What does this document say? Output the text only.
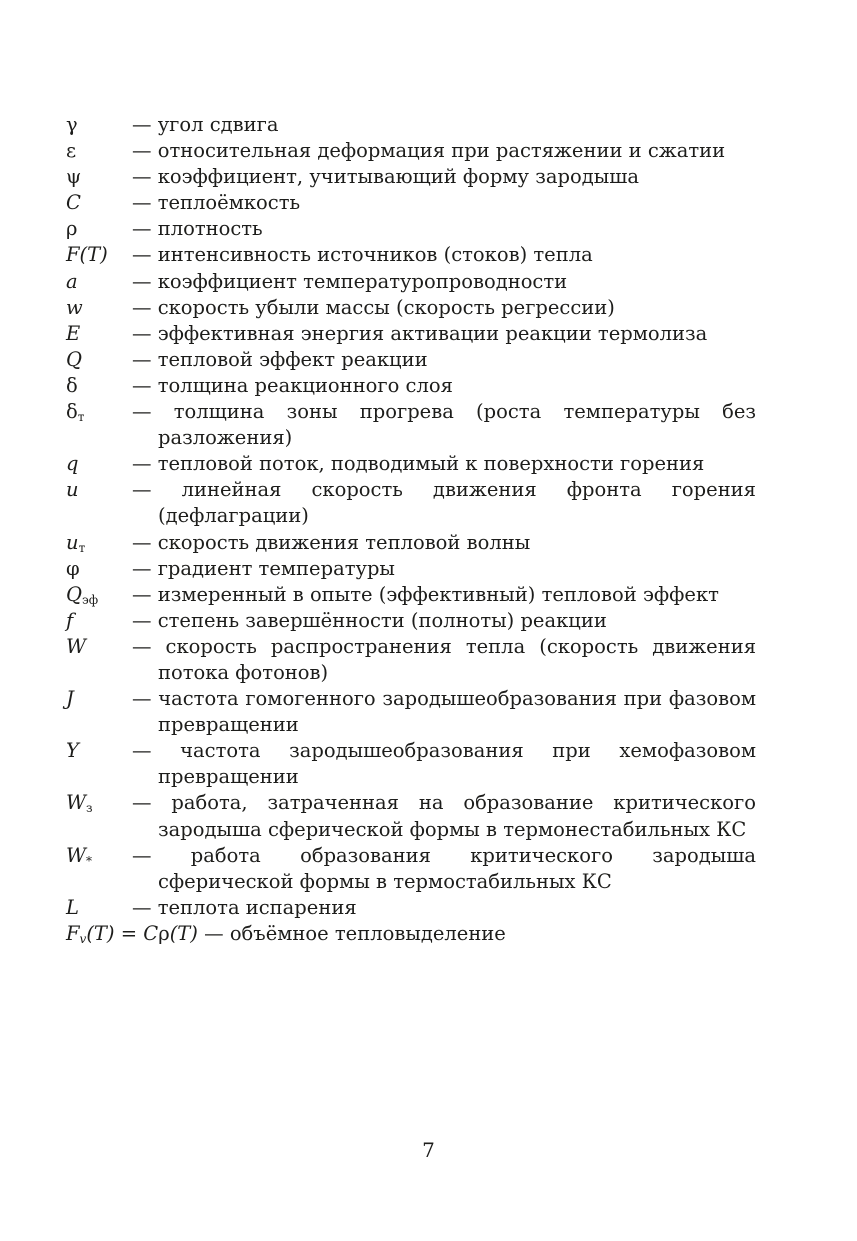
γ	— угол сдвига
ε	— относительная деформация при растяжении и сжатии
ψ	— коэффициент, учитывающий форму зародыша
C	— теплоёмкость
ρ	— плотность
F(T)	— интенсивность источников (стоков) тепла
a	— коэффициент температуропроводности
w	— скорость убыли массы (скорость регрессии)
E	— эффективная энергия активации реакции термолиза
Q	— тепловой эффект реакции
δ	— толщина реакционного слоя
$\delta_т$	— толщина зоны прогрева (роста температуры без разложения)
q	— тепловой поток, подводимый к поверхности горения
u	— линейная скорость движения фронта горения (дефлаграции)
$u_т$	— скорость движения тепловой волны
φ	— градиент температуры
$Q_{эф}$	— измеренный в опыте (эффективный) тепловой эффект
f	— степень завершённости (полноты) реакции
W	— скорость распространения тепла (скорость движения потока фотонов)
J	— частота гомогенного зародышеобразования при фазовом превращении
Y	— частота зародышеобразования при хемофазовом превращении
$W_з$	— работа, затраченная на образование критического зародыша сферической формы в термонестабильных КС
$W_*$	— работа образования критического зародыша сферической формы в термостабильных КС
L	— теплота испарения
$F_v(T) = C\rho(T)$ — объёмное тепловыделение
7
